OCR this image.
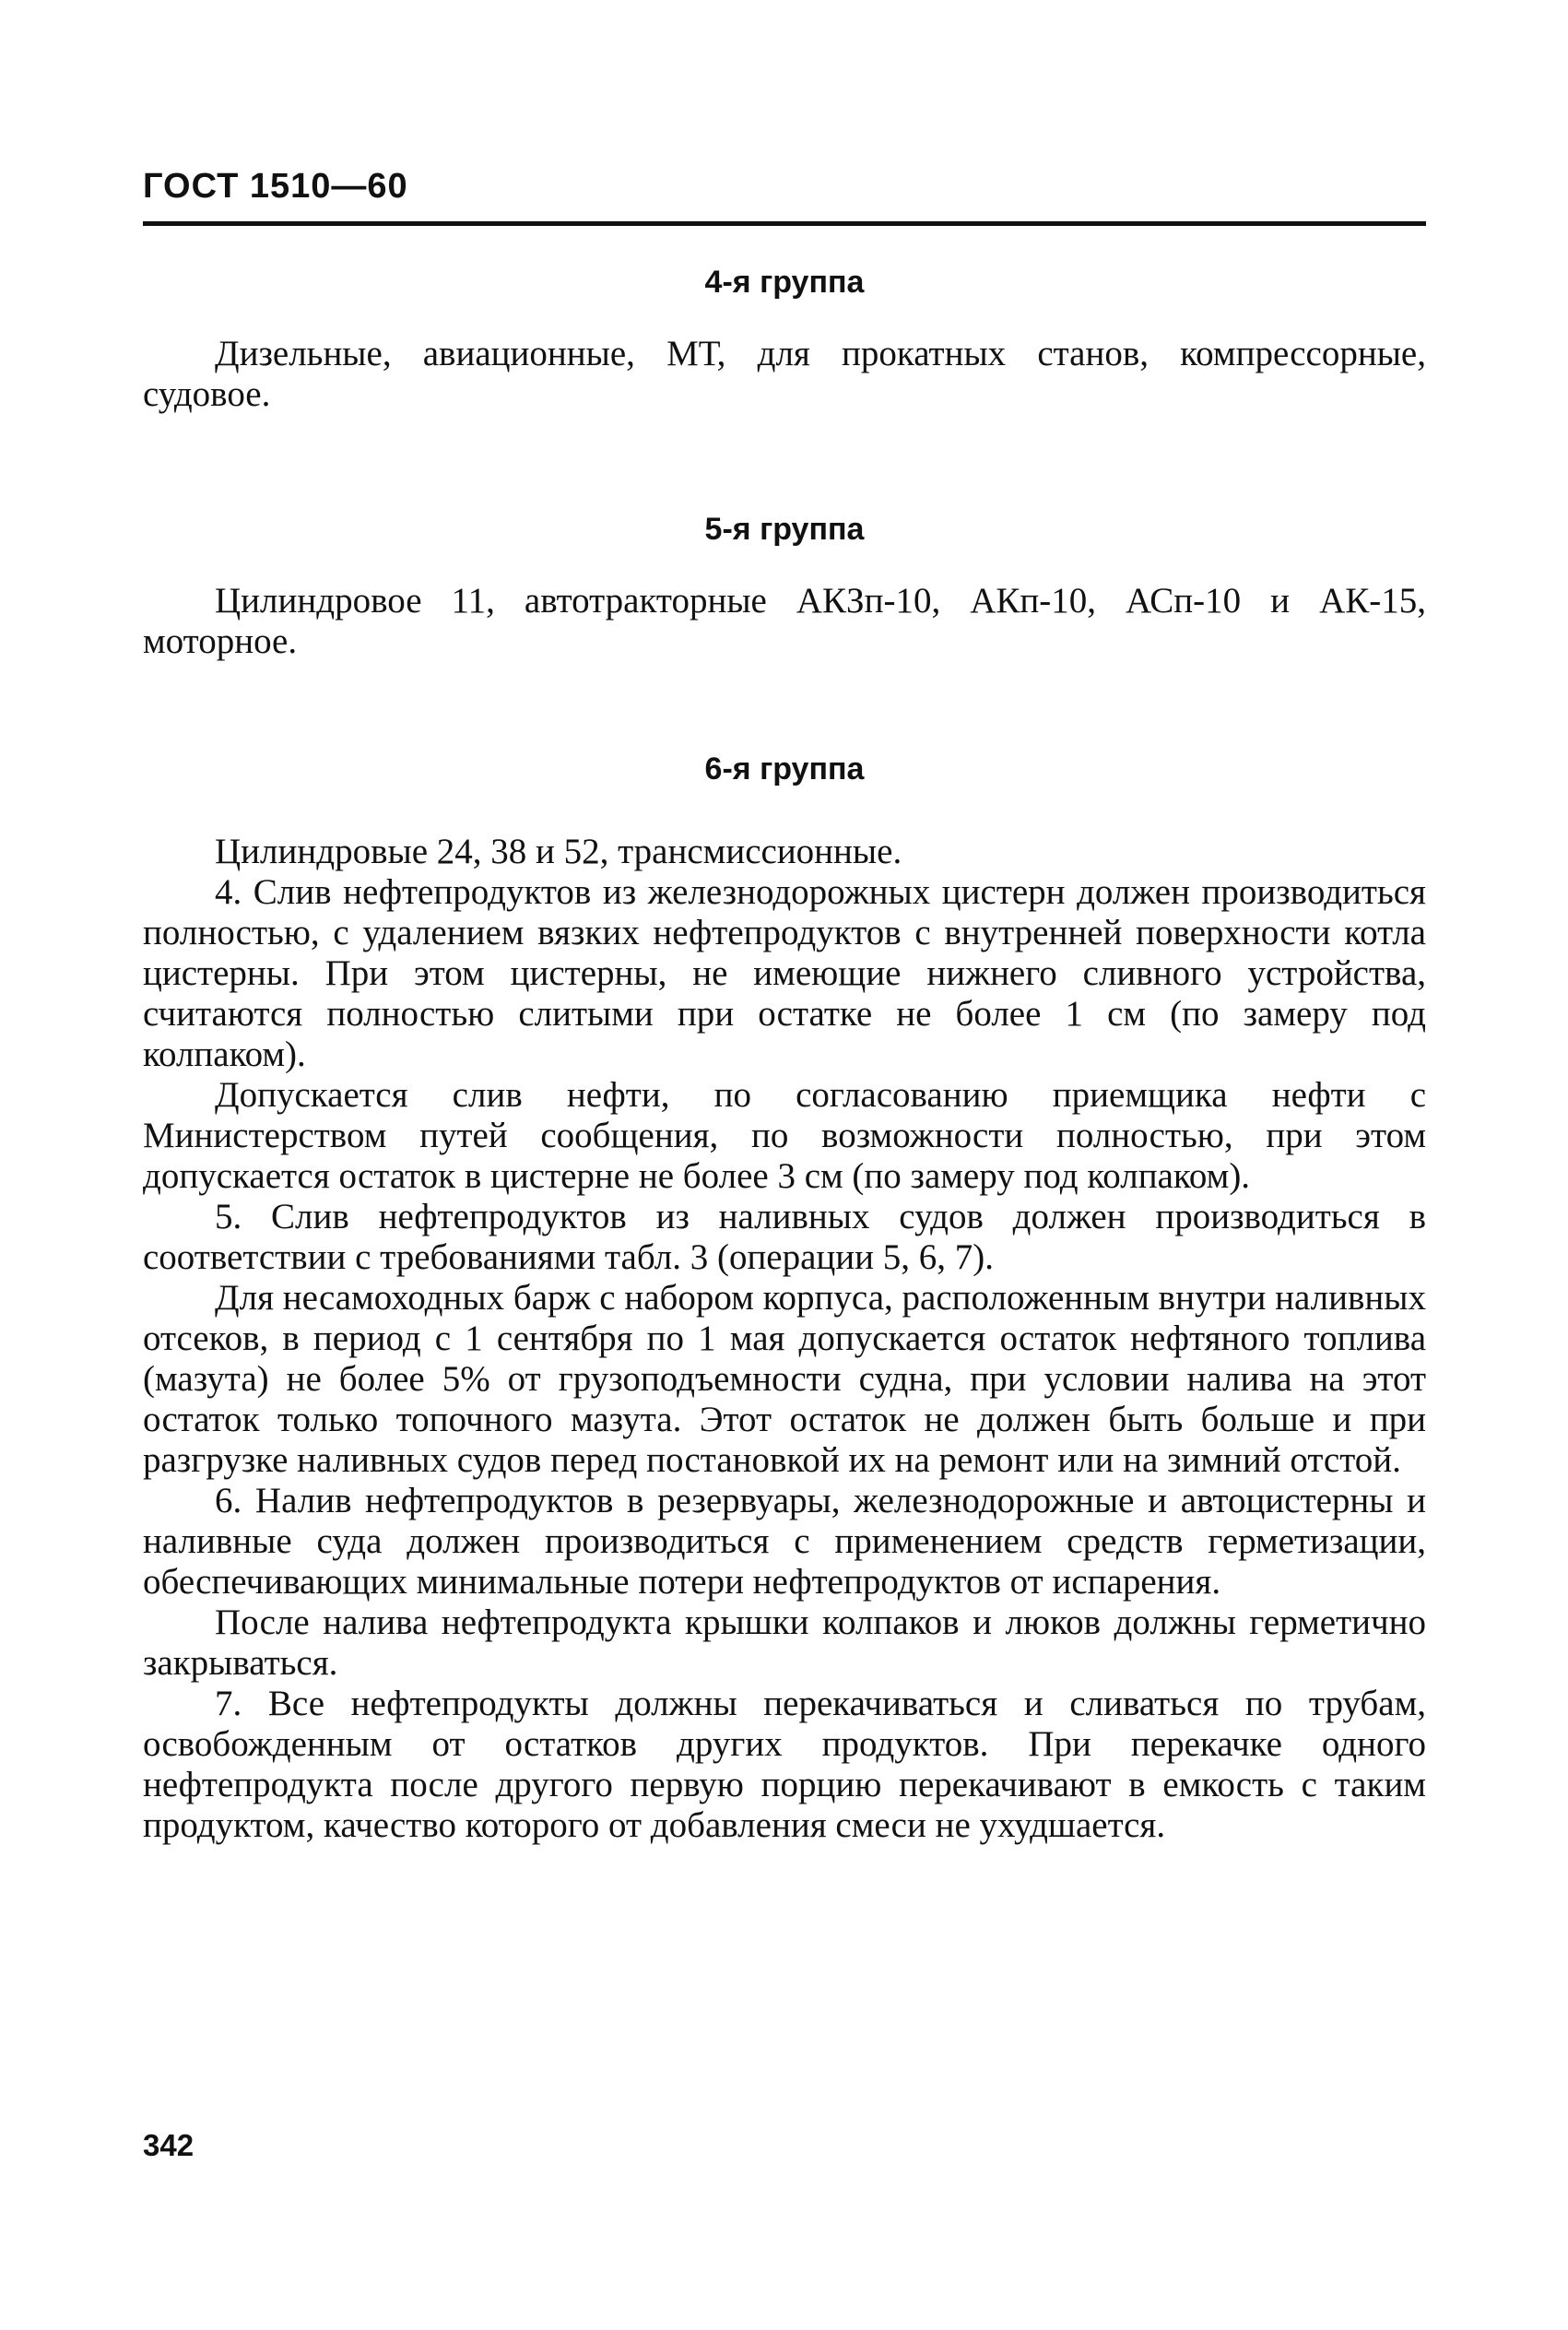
ГОСТ 1510—60
4-я группа

Дизельные, авиационные, МТ, для прокатных станов, компрессорные, судовое.

5-я группа

Цилиндровое 11, автотракторные АКЗп-10, АКп-10, АСп-10 и АК-15, моторное.

6-я группа

Цилиндровые 24, 38 и 52, трансмиссионные.

4. Слив нефтепродуктов из железнодорожных цистерн должен производиться полностью, с удалением вязких нефтепродуктов с внутренней поверхности котла цистерны. При этом цистерны, не имеющие нижнего сливного устройства, считаются полностью слитыми при остатке не более 1 см (по замеру под колпаком).

Допускается слив нефти, по согласованию приемщика нефти с Министерством путей сообщения, по возможности полностью, при этом допускается остаток в цистерне не более 3 см (по замеру под колпаком).

5. Слив нефтепродуктов из наливных судов должен производиться в соответствии с требованиями табл. 3 (операции 5, 6, 7).

Для несамоходных барж с набором корпуса, расположенным внутри наливных отсеков, в период с 1 сентября по 1 мая допускается остаток нефтяного топлива (мазута) не более 5% от грузоподъемности судна, при условии налива на этот остаток только топочного мазута. Этот остаток не должен быть больше и при разгрузке наливных судов перед постановкой их на ремонт или на зимний отстой.

6. Налив нефтепродуктов в резервуары, железнодорожные и автоцистерны и наливные суда должен производиться с применением средств герметизации, обеспечивающих минимальные потери нефтепродуктов от испарения.

После налива нефтепродукта крышки колпаков и люков должны герметично закрываться.

7. Все нефтепродукты должны перекачиваться и сливаться по трубам, освобожденным от остатков других продуктов. При перекачке одного нефтепродукта после другого первую порцию перекачивают в емкость с таким продуктом, качество которого от добавления смеси не ухудшается.

342
